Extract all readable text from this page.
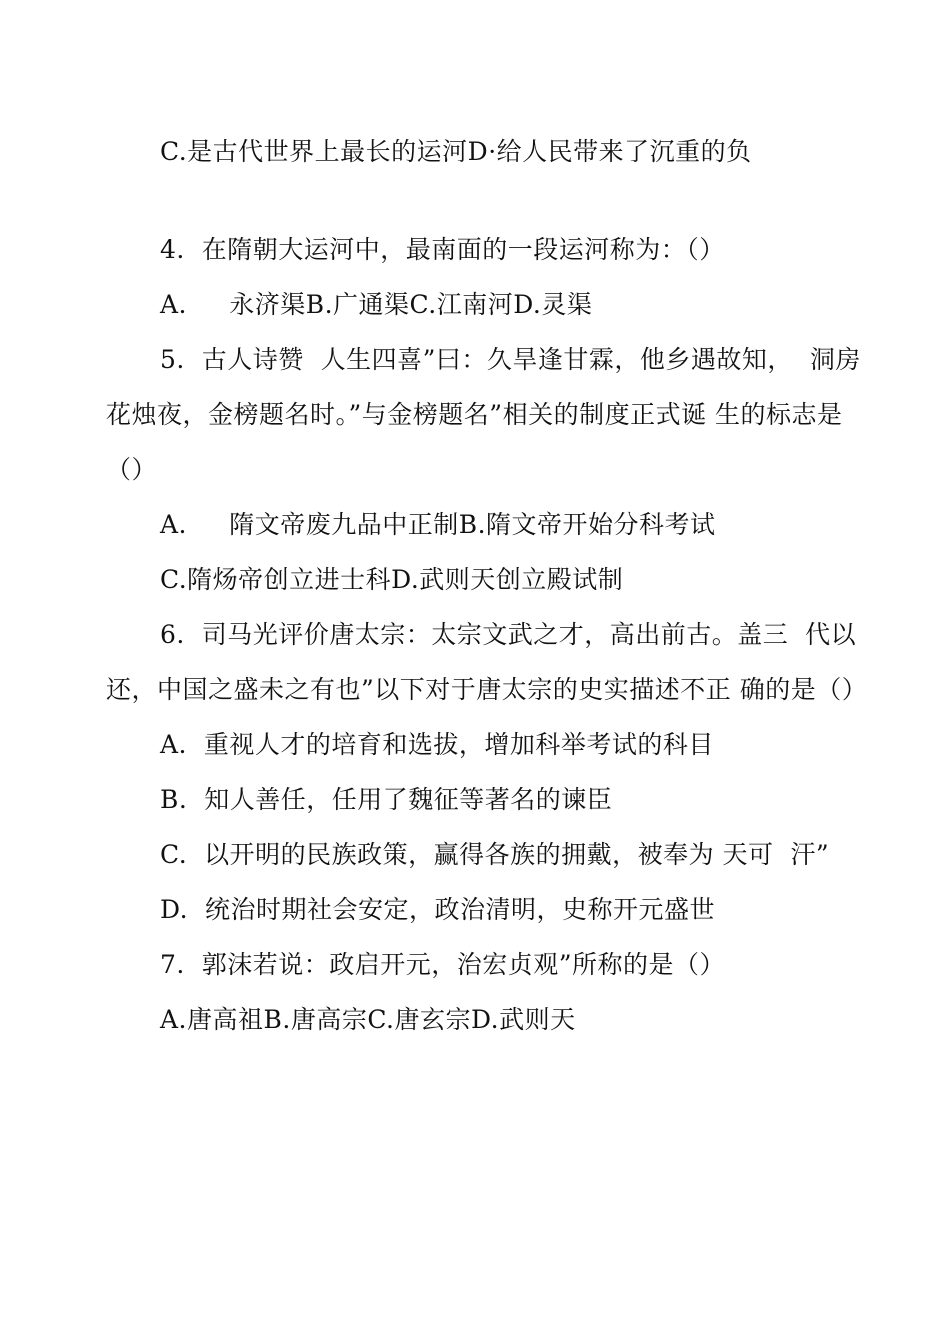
C.是古代世界上最长的运河D·给人民带来了沉重的负
4.  在隋朝大运河中，最南面的一段运河称为：（）
A.     永济渠B.广通渠C.江南河D.灵渠
5.  古人诗赞  人生四喜”曰：久旱逢甘霖，他乡遇故知，  洞房
花烛夜，金榜题名时。”与金榜题名”相关的制度正式诞 生的标志是
（）
A.     隋文帝废九品中正制B.隋文帝开始分科考试
C.隋炀帝创立进士科D.武则天创立殿试制
6.  司马光评价唐太宗：太宗文武之才，高出前古。盖三  代以
还，中国之盛未之有也”以下对于唐太宗的史实描述不正 确的是（）
A.  重视人才的培育和选拔，增加科举考试的科目
B.  知人善任，任用了魏征等著名的谏臣
C.  以开明的民族政策，赢得各族的拥戴，被奉为 天可  汗”
D.  统治时期社会安定，政治清明，史称开元盛世
7.  郭沫若说：政启开元，治宏贞观”所称的是（）
A.唐高祖B.唐高宗C.唐玄宗D.武则天
